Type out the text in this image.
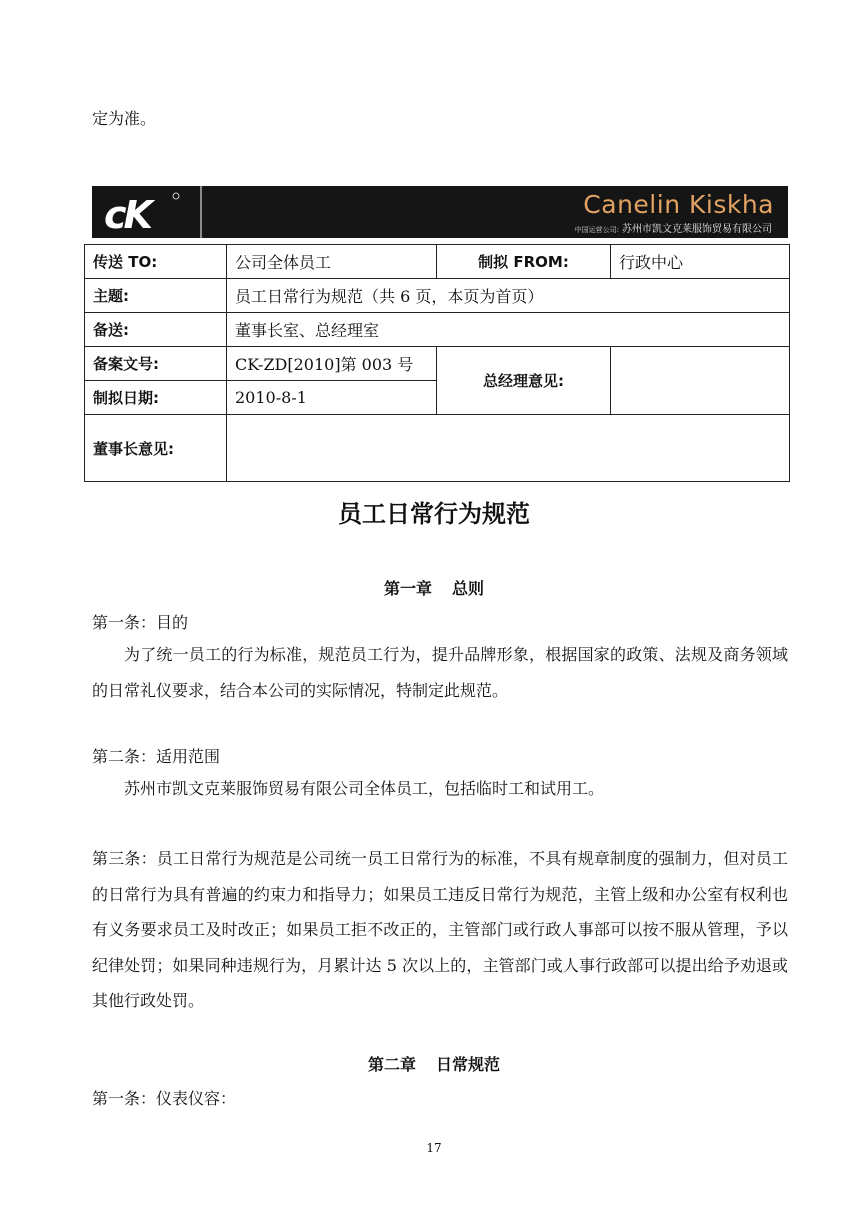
定为准。
cK	Canelin Kiskha
中国运营公司: 苏州市凯文克莱服饰贸易有限公司
传送 TO:	公司全体员工	制拟 FROM:	行政中心
主题:	员工日常行为规范（共 6 页，本页为首页）		
备送:	董事长室、总经理室		
备案文号:	CK-ZD[2010]第 003 号	总经理意见:	
制拟日期:	2010-8-1		
董事长意见:			
员工日常行为规范
第一章 总则
第一条：目的

为了统一员工的行为标准，规范员工行为，提升品牌形象，根据国家的政策、法规及商务领域的日常礼仪要求，结合本公司的实际情况，特制定此规范。

第二条：适用范围

苏州市凯文克莱服饰贸易有限公司全体员工，包括临时工和试用工。

第三条：员工日常行为规范是公司统一员工日常行为的标准，不具有规章制度的强制力，但对员工的日常行为具有普遍的约束力和指导力；如果员工违反日常行为规范，主管上级和办公室有权利也有义务要求员工及时改正；如果员工拒不改正的，主管部门或行政人事部可以按不服从管理，予以纪律处罚；如果同种违规行为，月累计达 5 次以上的，主管部门或人事行政部可以提出给予劝退或其他行政处罚。

第二章 日常规范
第一条：仪表仪容：
17
